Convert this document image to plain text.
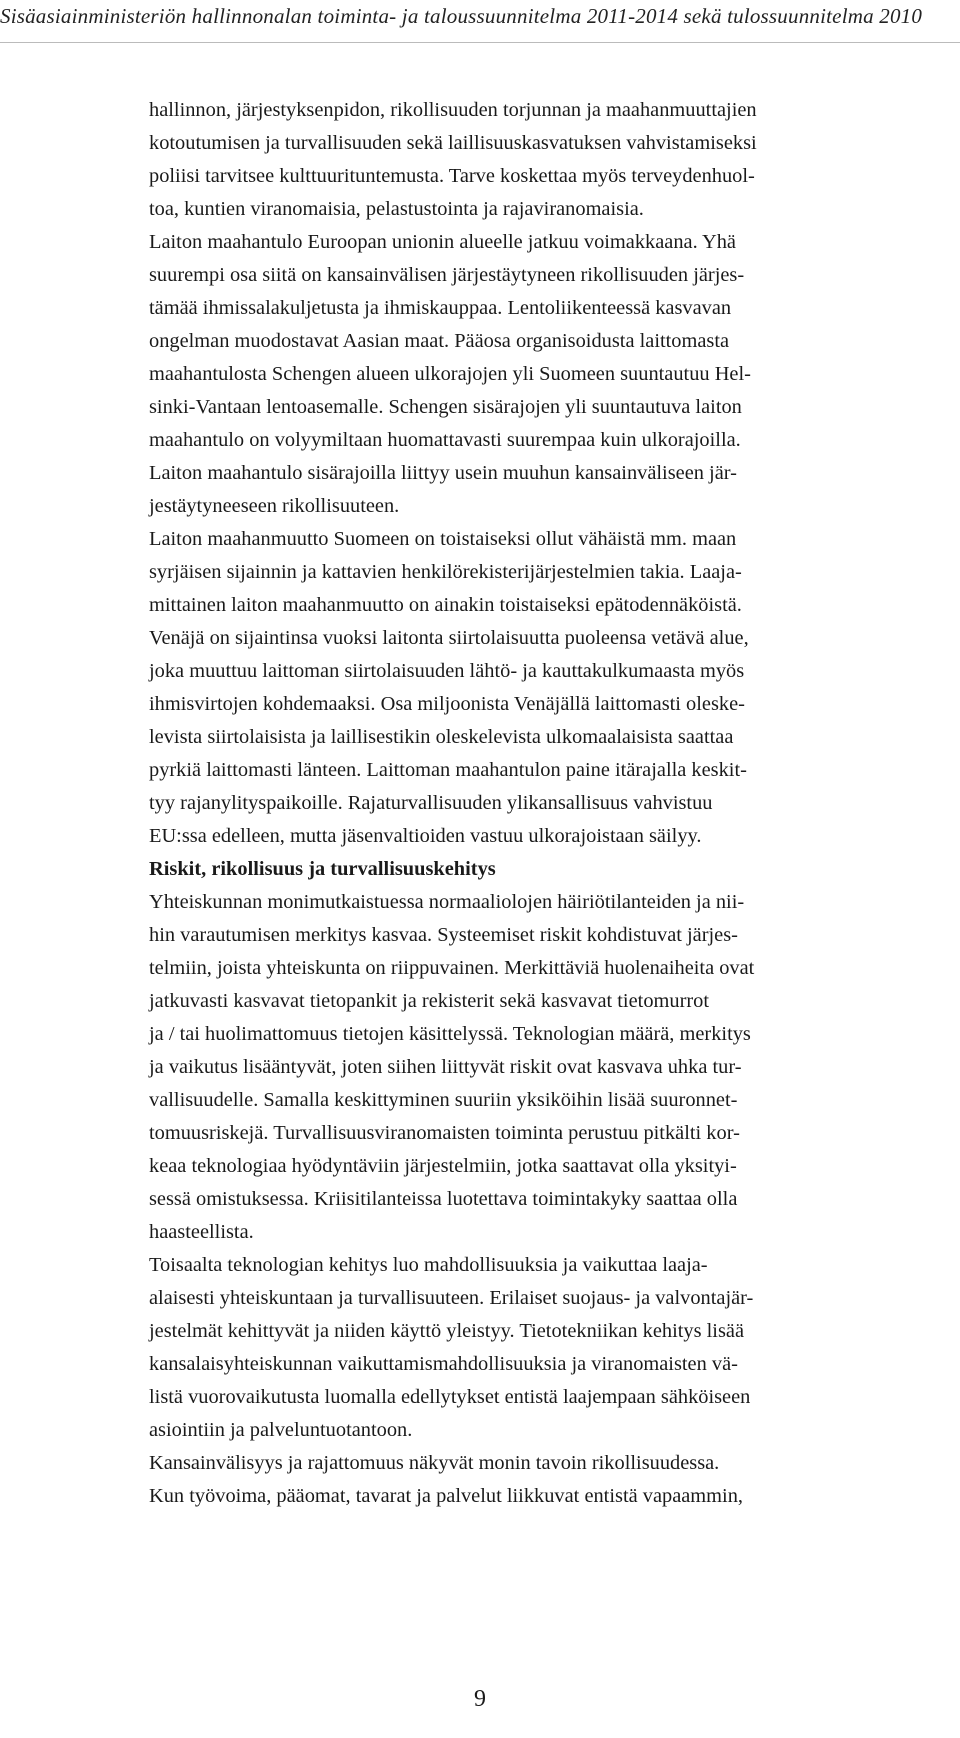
Sisäasiainministeriön hallinnonalan toiminta- ja taloussuunnitelma 2011-2014 sekä tulossuunnitelma 2010

hallinnon, järjestyksenpidon, rikollisuuden torjunnan ja maahanmuuttajien
kotoutumisen ja turvallisuuden sekä laillisuuskasvatuksen vahvistamiseksi
poliisi tarvitsee kulttuurituntemusta. Tarve koskettaa myös terveydenhuol-
toa, kuntien viranomaisia, pelastustointa ja rajaviranomaisia.

Laiton maahantulo Euroopan unionin alueelle jatkuu voimakkaana. Yhä
suurempi osa siitä on kansainvälisen järjestäytyneen rikollisuuden järjes-
tämää ihmissalakuljetusta ja ihmiskauppaa. Lentoliikenteessä kasvavan
ongelman muodostavat Aasian maat. Pääosa organisoidusta laittomasta
maahantulosta Schengen alueen ulkorajojen yli Suomeen suuntautuu Hel-
sinki-Vantaan lentoasemalle. Schengen sisärajojen yli suuntautuva laiton
maahantulo on volyymiltaan huomattavasti suurempaa kuin ulkorajoilla.
Laiton maahantulo sisärajoilla liittyy usein muuhun kansainväliseen jär-
jestäytyneeseen rikollisuuteen.

Laiton maahanmuutto Suomeen on toistaiseksi ollut vähäistä mm. maan
syrjäisen sijainnin ja kattavien henkilörekisterijärjestelmien takia. Laaja-
mittainen laiton maahanmuutto on ainakin toistaiseksi epätodennäköistä.

Venäjä on sijaintinsa vuoksi laitonta siirtolaisuutta puoleensa vetävä alue,
joka muuttuu laittoman siirtolaisuuden lähtö- ja kauttakulkumaasta myös
ihmisvirtojen kohdemaaksi. Osa miljoonista Venäjällä laittomasti oleske-
levista siirtolaisista ja laillisestikin oleskelevista ulkomaalaisista saattaa
pyrkiä laittomasti länteen. Laittoman maahantulon paine itärajalla keskit-
tyy rajanylityspaikoille. Rajaturvallisuuden ylikansallisuus vahvistuu
EU:ssa edelleen, mutta jäsenvaltioiden vastuu ulkorajoistaan säilyy.

Riskit, rikollisuus ja turvallisuuskehitys
Yhteiskunnan monimutkaistuessa normaaliolojen häiriötilanteiden ja nii-
hin varautumisen merkitys kasvaa. Systeemiset riskit kohdistuvat järjes-
telmiin, joista yhteiskunta on riippuvainen. Merkittäviä huolenaiheita ovat
jatkuvasti kasvavat tietopankit ja rekisterit sekä kasvavat tietomurrot
ja / tai huolimattomuus tietojen käsittelyssä. Teknologian määrä, merkitys
ja vaikutus lisääntyvät, joten siihen liittyvät riskit ovat kasvava uhka tur-
vallisuudelle. Samalla keskittyminen suuriin yksiköihin lisää suuronnet-
tomuusriskejä. Turvallisuusviranomaisten toiminta perustuu pitkälti kor-
keaa teknologiaa hyödyntäviin järjestelmiin, jotka saattavat olla yksityi-
sessä omistuksessa. Kriisitilanteissa luotettava toimintakyky saattaa olla
haasteellista.

Toisaalta teknologian kehitys luo mahdollisuuksia ja vaikuttaa laaja-
alaisesti yhteiskuntaan ja turvallisuuteen. Erilaiset suojaus- ja valvontajär-
jestelmät kehittyvät ja niiden käyttö yleistyy. Tietotekniikan kehitys lisää
kansalaisyhteiskunnan vaikuttamismahdollisuuksia ja viranomaisten vä-
listä vuorovaikutusta luomalla edellytykset entistä laajempaan sähköiseen
asiointiin ja palveluntuotantoon.

Kansainvälisyys ja rajattomuus näkyvät monin tavoin rikollisuudessa.
Kun työvoima, pääomat, tavarat ja palvelut liikkuvat entistä vapaammin,

9
